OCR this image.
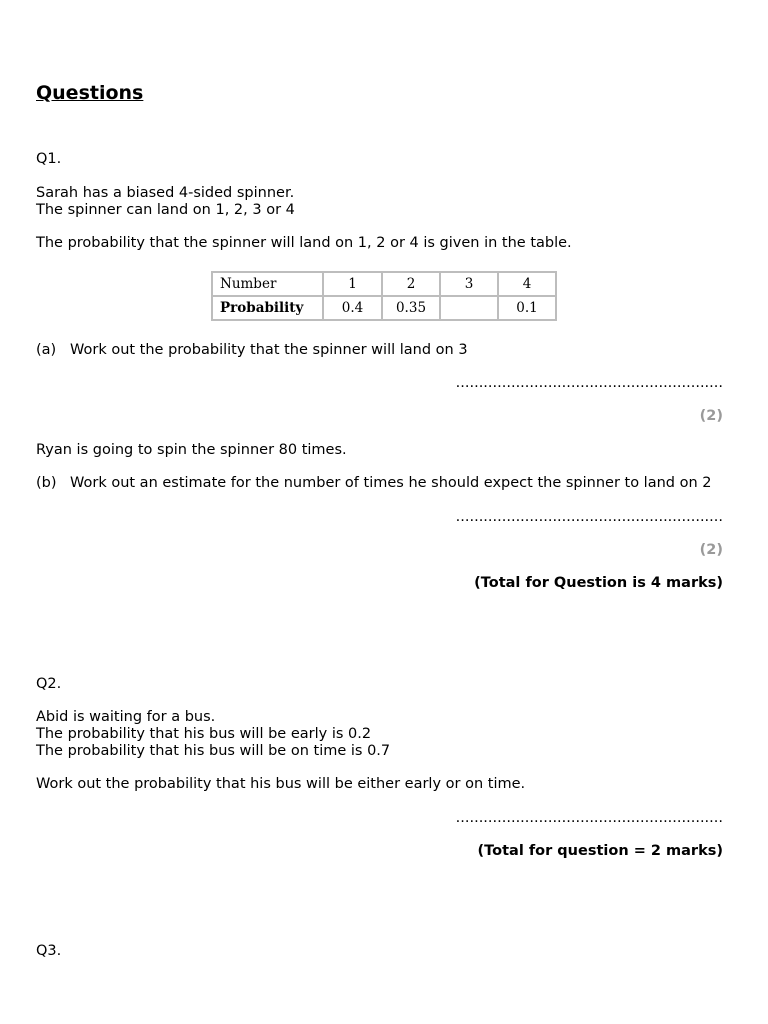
Questions
Q1.
Sarah has a biased 4-sided spinner.
The spinner can land on 1, 2, 3 or 4
The probability that the spinner will land on 1, 2 or 4 is given in the table.
Number	1	2	3	4
Probability	0.4	0.35		0.1
(a) Work out the probability that the spinner will land on 3
..........................................................
(2)
Ryan is going to spin the spinner 80 times.
(b) Work out an estimate for the number of times he should expect the spinner to land on 2
..........................................................
(2)
(Total for Question is 4 marks)
Q2.
Abid is waiting for a bus.
The probability that his bus will be early is 0.2
The probability that his bus will be on time is 0.7
Work out the probability that his bus will be either early or on time.
..........................................................
(Total for question = 2 marks)
Q3.
